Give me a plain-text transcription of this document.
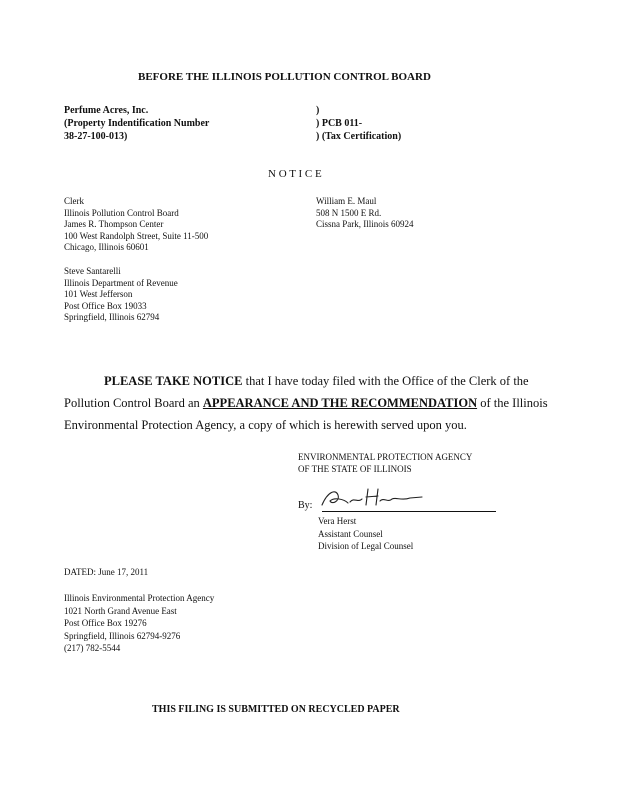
BEFORE THE ILLINOIS POLLUTION CONTROL BOARD
Perfume Acres, Inc.
(Property Indentification Number
38-27-100-013)
)
) PCB 011-
) (Tax Certification)
N O T I C E
Clerk
Illinois Pollution Control Board
James R. Thompson Center
100 West Randolph Street, Suite 11-500
Chicago, Illinois 60601
William E. Maul
508 N 1500 E Rd.
Cissna Park, Illinois 60924
Steve Santarelli
Illinois Department of Revenue
101 West Jefferson
Post Office Box 19033
Springfield, Illinois 62794
PLEASE TAKE NOTICE that I have today filed with the Office of the Clerk of the
Pollution Control Board an APPEARANCE AND THE RECOMMENDATION of the Illinois
Environmental Protection Agency, a copy of which is herewith served upon you.
ENVIRONMENTAL PROTECTION AGENCY
OF THE STATE OF ILLINOIS
By:
Vera Herst
Assistant Counsel
Division of Legal Counsel
DATED: June 17, 2011
Illinois Environmental Protection Agency
1021 North Grand Avenue East
Post Office Box 19276
Springfield, Illinois 62794-9276
(217) 782-5544
THIS FILING IS SUBMITTED ON RECYCLED PAPER
